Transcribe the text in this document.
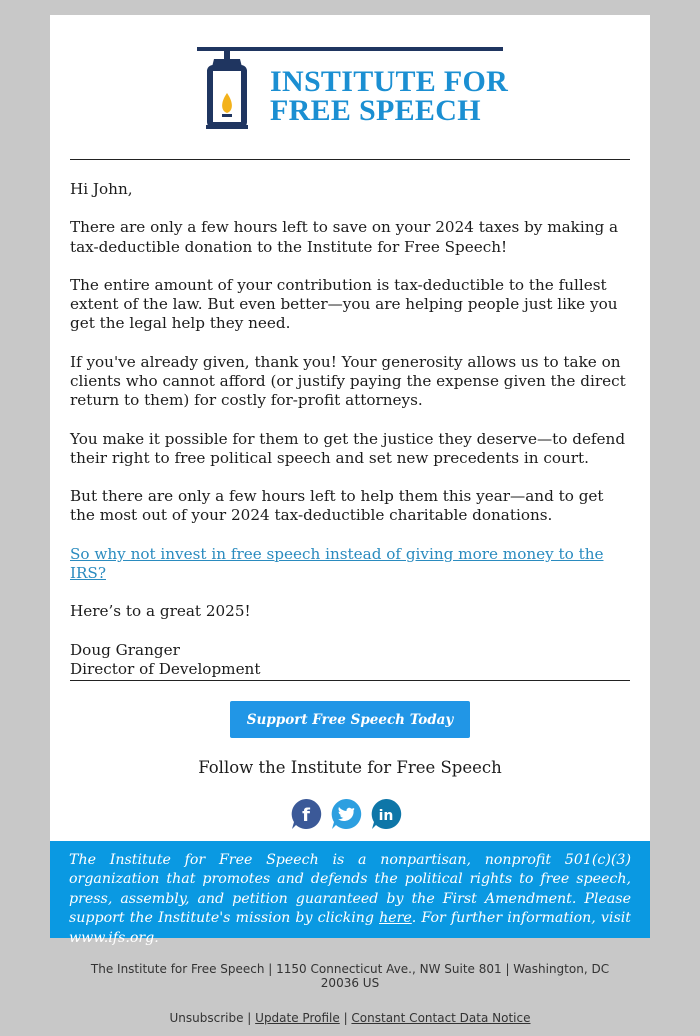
INSTITUTE FOR
FREE SPEECH

Hi John,

There are only a few hours left to save on your 2024 taxes by making a tax-deductible donation to the Institute for Free Speech!

The entire amount of your contribution is tax-deductible to the fullest extent of the law. But even better—you are helping people just like you get the legal help they need.

If you've already given, thank you! Your generosity allows us to take on clients who cannot afford (or justify paying the expense given the direct return to them) for costly for-profit attorneys.

You make it possible for them to get the justice they deserve—to defend their right to free political speech and set new precedents in court.

But there are only a few hours left to help them this year—and to get the most out of your 2024 tax-deductible charitable donations.

So why not invest in free speech instead of giving more money to the IRS?

Here’s to a great 2025!

Doug Granger
Director of Development

Support Free Speech Today
Follow the Institute for Free Speech
f	in

The Institute for Free Speech is a nonpartisan, nonprofit 501(c)(3) organization that promotes and defends the political rights to free speech, press, assembly, and petition guaranteed by the First Amendment. Please support the Institute's mission by clicking here. For further information, visit www.ifs.org.

The Institute for Free Speech | 1150 Connecticut Ave., NW Suite 801 | Washington, DC 20036 US
Unsubscribe | Update Profile | Constant Contact Data Notice
